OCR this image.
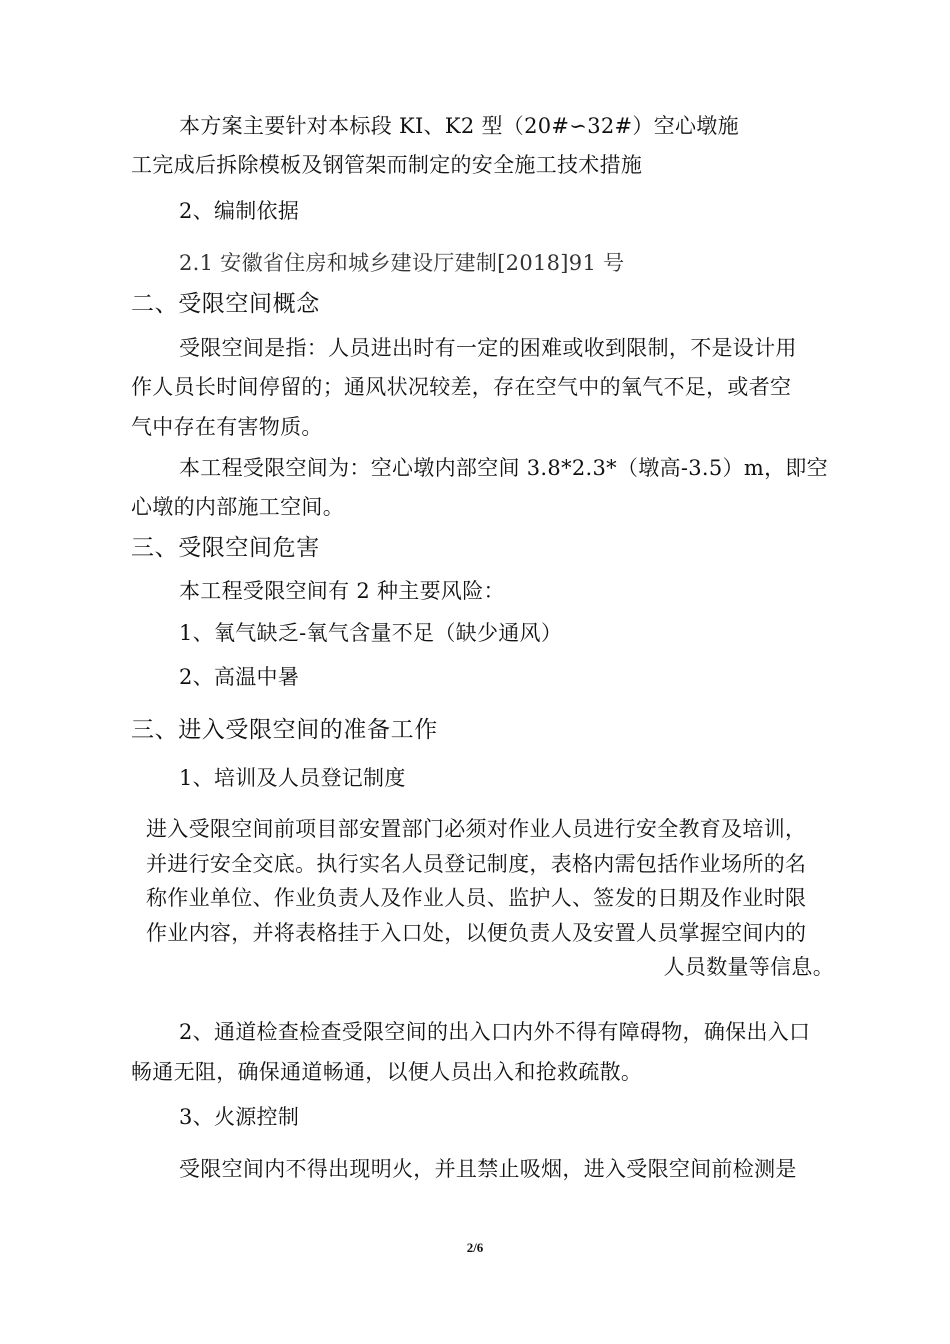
本方案主要针对本标段 KI、K2 型（20#∽32#）空心墩施
工完成后拆除模板及钢管架而制定的安全施工技术措施
2、编制依据
2.1 安徽省住房和城乡建设厅建制[2018]91 号
二、受限空间概念
受限空间是指：人员进出时有一定的困难或收到限制，不是设计用
作人员长时间停留的；通风状况较差，存在空气中的氧气不足，或者空
气中存在有害物质。
本工程受限空间为：空心墩内部空间 3.8*2.3*（墩高-3.5）m，即空
心墩的内部施工空间。
三、受限空间危害
本工程受限空间有 2 种主要风险：
1、氧气缺乏-氧气含量不足（缺少通风）
2、高温中暑
三、进入受限空间的准备工作
1、培训及人员登记制度
进入受限空间前项目部安置部门必须对作业人员进行安全教育及培训，
并进行安全交底。执行实名人员登记制度，表格内需包括作业场所的名
称作业单位、作业负责人及作业人员、监护人、签发的日期及作业时限
作业内容，并将表格挂于入口处，以便负责人及安置人员掌握空间内的
人员数量等信息。
2、通道检查检查受限空间的出入口内外不得有障碍物，确保出入口
畅通无阻，确保通道畅通，以便人员出入和抢救疏散。
3、火源控制
受限空间内不得出现明火，并且禁止吸烟，进入受限空间前检测是
2/6
